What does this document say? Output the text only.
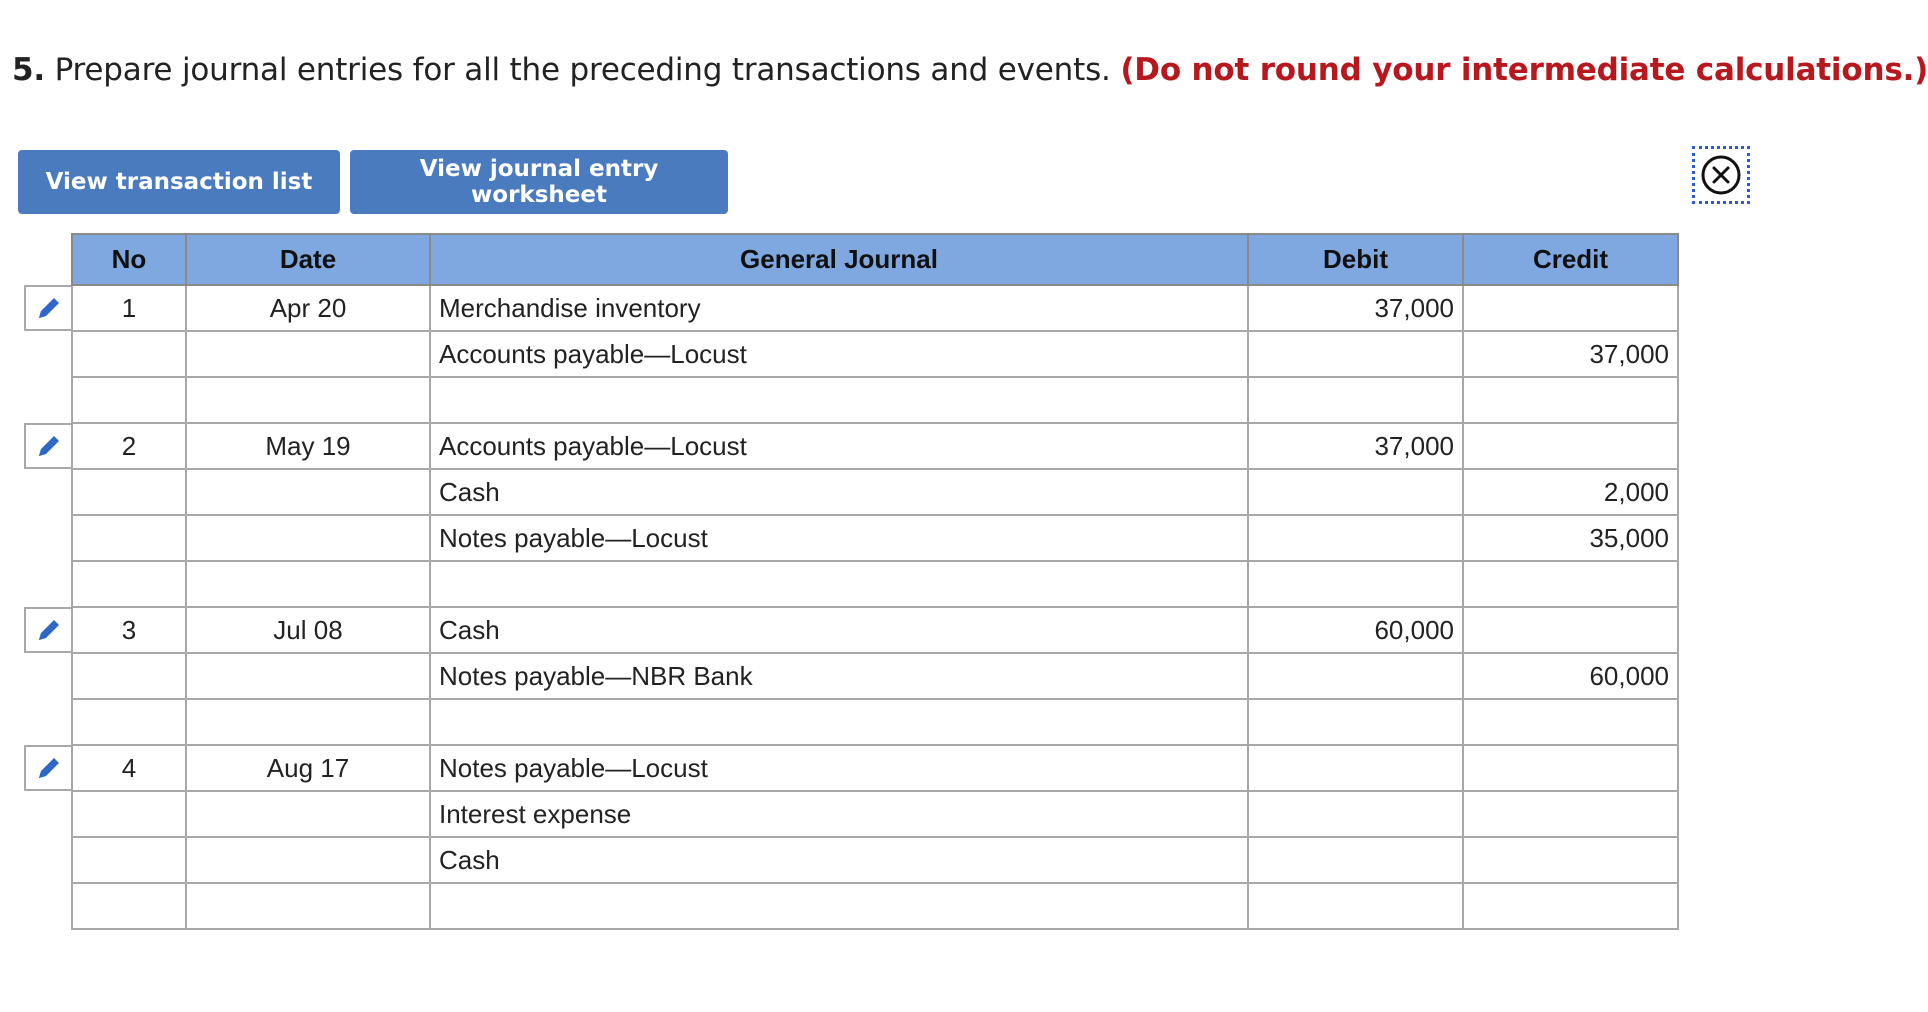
5. Prepare journal entries for all the preceding transactions and events. (Do not round your intermediate calculations.)
View transaction list	View journal entry worksheet
No	Date	General Journal	Debit	Credit
1	Apr 20	Merchandise inventory	37,000	
		Accounts payable—Locust		37,000

2	May 19	Accounts payable—Locust	37,000	
		Cash		2,000
		Notes payable—Locust		35,000

3	Jul 08	Cash	60,000	
		Notes payable—NBR Bank		60,000

4	Aug 17	Notes payable—Locust		
		Interest expense		
		Cash		
